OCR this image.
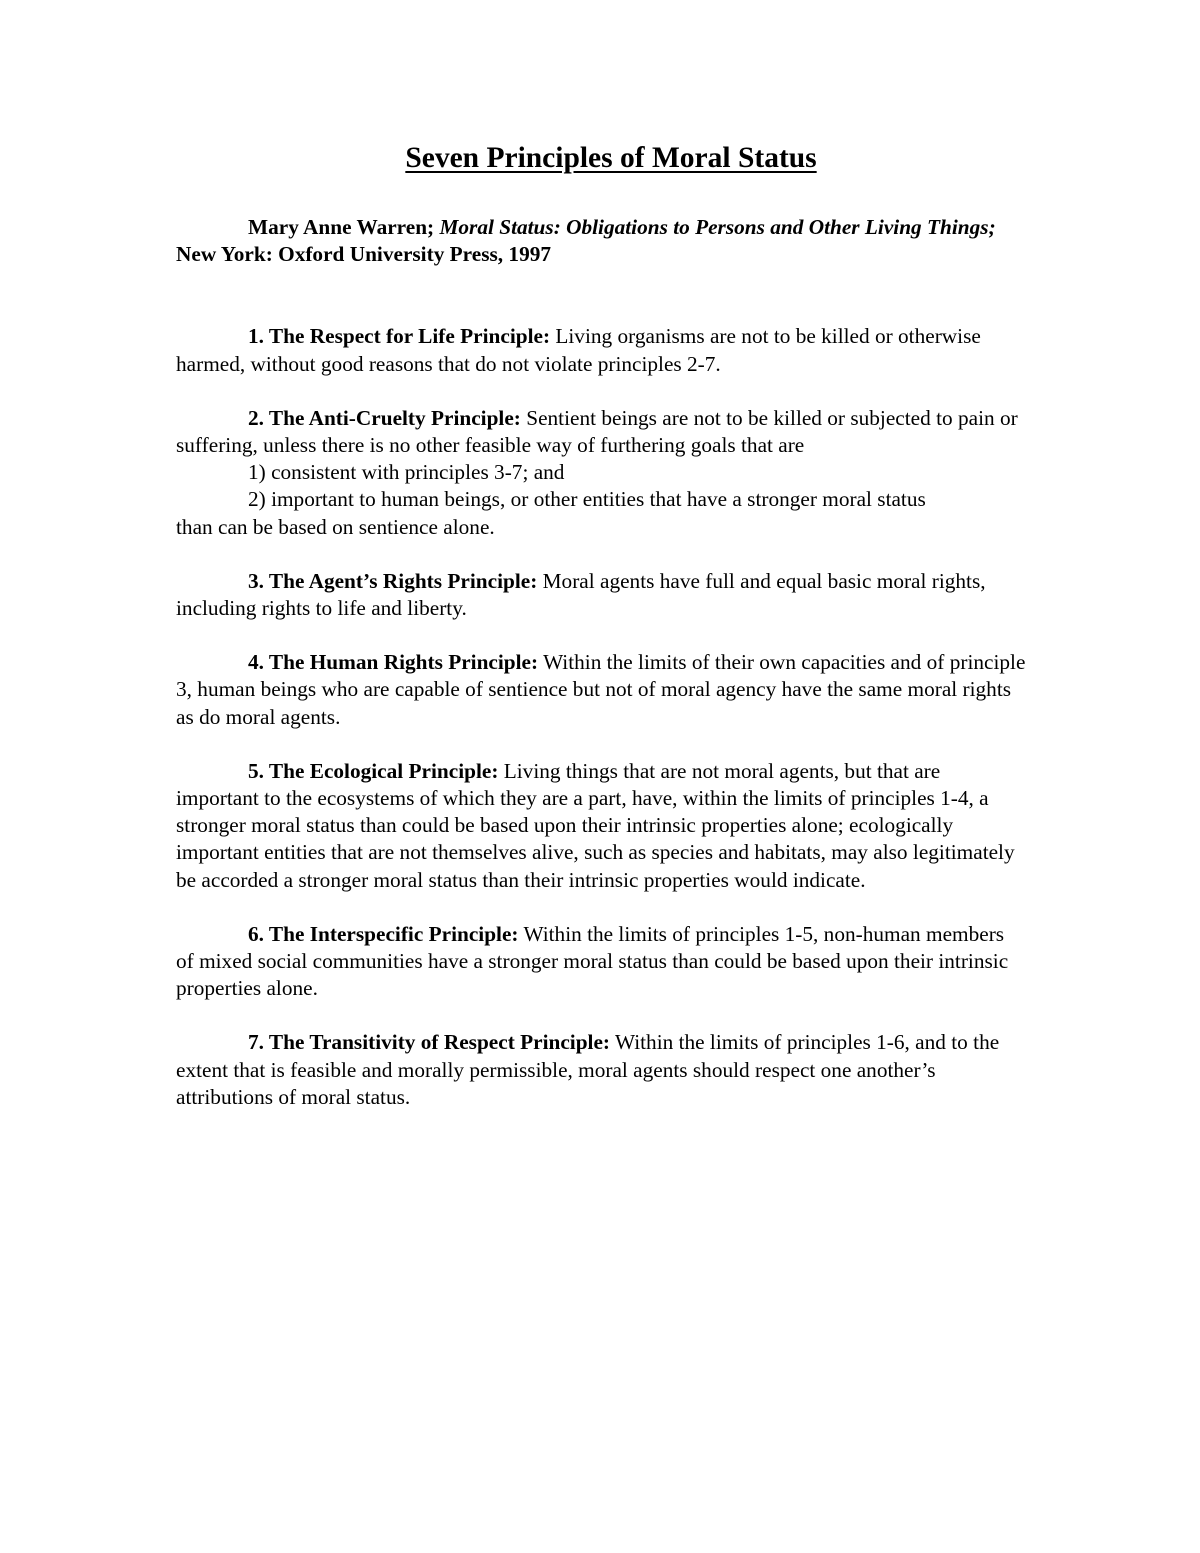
Seven Principles of Moral Status

Mary Anne Warren; Moral Status: Obligations to Persons and Other Living Things; New York: Oxford University Press, 1997

1. The Respect for Life Principle: Living organisms are not to be killed or otherwise harmed, without good reasons that do not violate principles 2-7.

2. The Anti-Cruelty Principle: Sentient beings are not to be killed or subjected to pain or suffering, unless there is no other feasible way of furthering goals that are
1) consistent with principles 3-7; and
2) important to human beings, or other entities that have a stronger moral status
than can be based on sentience alone.

3. The Agent’s Rights Principle: Moral agents have full and equal basic moral rights, including rights to life and liberty.

4. The Human Rights Principle: Within the limits of their own capacities and of principle 3, human beings who are capable of sentience but not of moral agency have the same moral rights as do moral agents.

5. The Ecological Principle: Living things that are not moral agents, but that are important to the ecosystems of which they are a part, have, within the limits of principles 1-4, a stronger moral status than could be based upon their intrinsic properties alone; ecologically important entities that are not themselves alive, such as species and habitats, may also legitimately be accorded a stronger moral status than their intrinsic properties would indicate.

6. The Interspecific Principle: Within the limits of principles 1-5, non-human members of mixed social communities have a stronger moral status than could be based upon their intrinsic properties alone.

7. The Transitivity of Respect Principle: Within the limits of principles 1-6, and to the extent that is feasible and morally permissible, moral agents should respect one another’s attributions of moral status.
